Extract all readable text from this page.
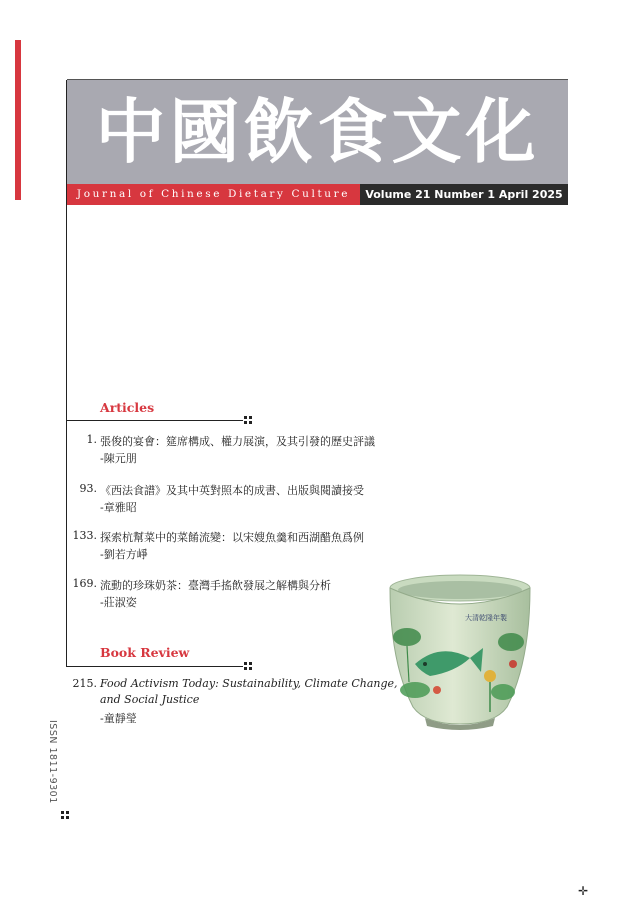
中國飲食文化
Journal of Chinese Dietary Culture	Volume 21 Number 1 April 2025
Articles
1. 張俊的宴會：筵席構成、權力展演，及其引發的歷史評議
-陳元朋
93. 《西法食譜》及其中英對照本的成書、出版與閱讀接受
-章雅昭
133. 探索杭幫菜中的菜餚流變：以宋嫂魚羹和西湖醋魚爲例
-劉若方崢
169. 流動的珍珠奶茶：臺灣手搖飲發展之解構與分析
-莊淑姿
Book Review
215. Food Activism Today: Sustainability, Climate Change,
and Social Justice
-童靜瑩
ISSN 1811-9301
大清乾隆年製
✛
